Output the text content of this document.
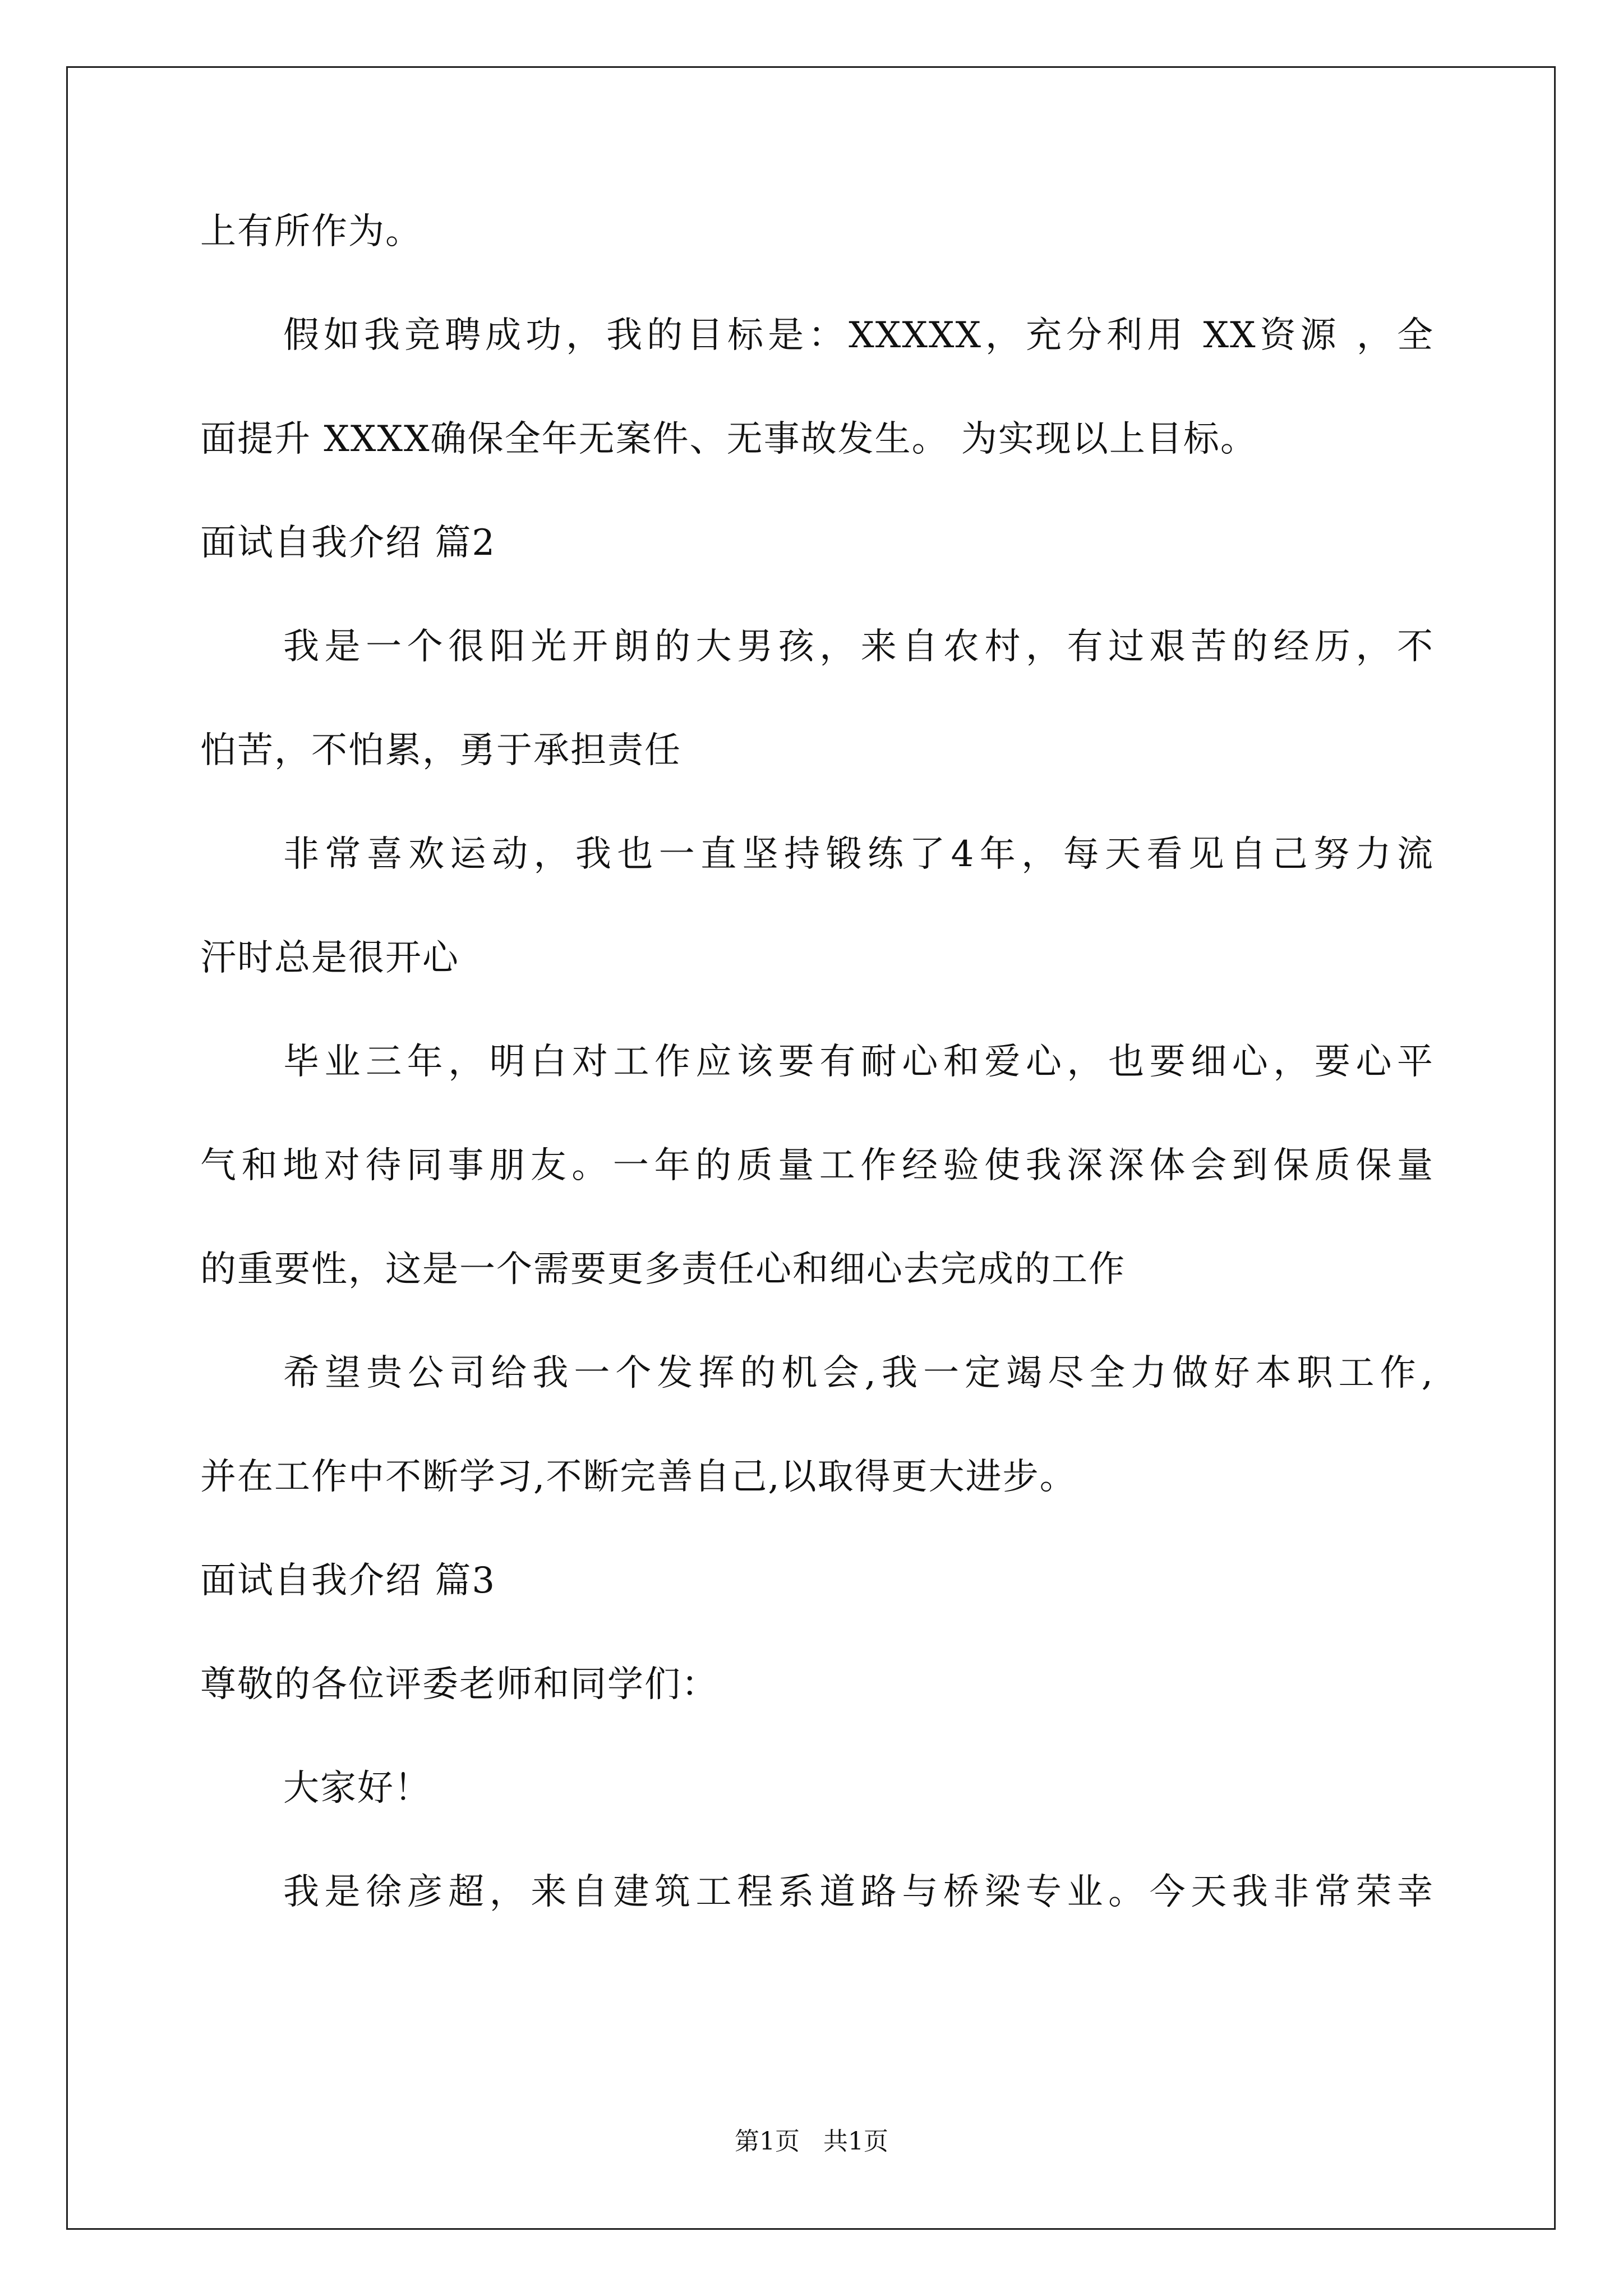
上有所作为。
假如我竞聘成功，我的目标是：XXXXX，充分利用 XX资源 ，全
面提升 XXXX确保全年无案件、无事故发生。 为实现以上目标。
面试自我介绍 篇2
我是一个很阳光开朗的大男孩，来自农村，有过艰苦的经历，不
怕苦，不怕累，勇于承担责任
非常喜欢运动，我也一直坚持锻练了4年，每天看见自己努力流
汗时总是很开心
毕业三年，明白对工作应该要有耐心和爱心，也要细心，要心平
气和地对待同事朋友。一年的质量工作经验使我深深体会到保质保量
的重要性，这是一个需要更多责任心和细心去完成的工作
希望贵公司给我一个发挥的机会,我一定竭尽全力做好本职工作,
并在工作中不断学习,不断完善自己,以取得更大进步。
面试自我介绍 篇3
尊敬的各位评委老师和同学们：
大家好！
我是徐彦超，来自建筑工程系道路与桥梁专业。今天我非常荣幸
第1页   共1页
